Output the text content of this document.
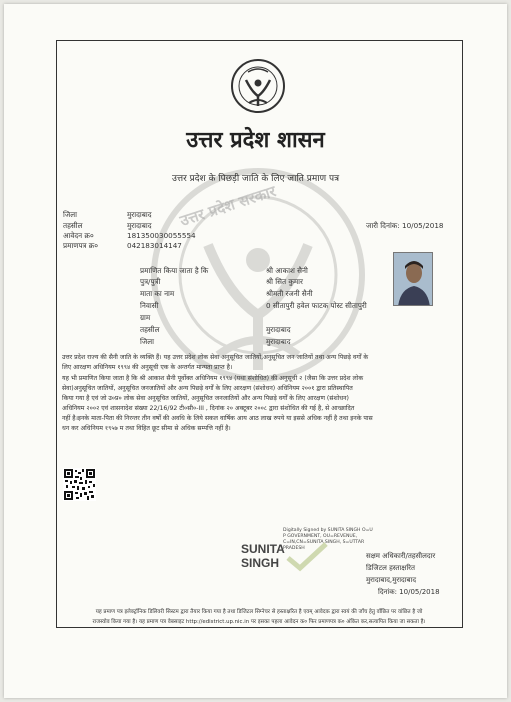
उत्तर प्रदेश सरकार
उत्तर प्रदेश शासन
उत्तर प्रदेश के पिछड़ी जाति के लिए जाति प्रमाण पत्र
जिला	मुरादाबाद
तहसील	मुरादाबाद
आवेदन क्र०	181350030055554
प्रमाणपत्र क्र०	042183014147
जारी दिनांक: 10/05/2018
प्रमाणित किया जाता है कि	श्री आकाश सैनी
पुत्र/पुत्री	श्री सित कुमार
माता का नाम	श्रीमती रजनी सैनी
निवासी	0 सीतापुरी हवेल फाटक पोस्ट सीतापुरी
ग्राम
तहसील	मुरादाबाद
जिला	मुरादाबाद
उत्तर प्रदेश राज्य की सैनी जाति के व्यक्ति हैं। यह उत्तर प्रदेश लोक सेवा अनुसूचित जातियों,अनुसूचित जन जातियों तथा अन्य पिछड़े वर्गों के
लिए आरक्षण अधिनियम १९९४ की अनुसूची एक के अन्तर्गत मान्यता प्राप्त है।
यह भी प्रमाणित किया जाता है कि श्री आकाश सैनी पूर्वोक्त अधिनियम १९९४ (यथा संशोधित) की अनुसूची २ (जैसा कि उत्तर प्रदेश लोक
सेवा)अनुसूचित जातियों, अनुसूचित जनजातियों और अन्य पिछड़े वर्गों के लिए आरक्षण (संशोधन) अधिनियम २००१ द्वारा प्रतिस्थापित
किया गया है एवं जो उ०प्र० लोक सेवा अनुसूचित जातियों, अनुसूचित जनजातियों और अन्य पिछड़े वर्गों के लिए आरक्षण (संशोधन)
अधिनियम २००२ एवं शासनादेश संख्या 22/16/92 टी०सी०-III , दिनांक २० अक्टूबर २००८ द्वारा संशोधित की गई है, से आच्छादित
नहीं है।इनके माता-पिता की निरन्तर तीन वर्षों की अवधि के लिये सकल वार्षिक आय आठ लाख रुपये या इससे अधिक नहीं है तथा इनके पास
धन कर अधिनियम १९५७ म तथा विहित छूट सीमा से अधिक सम्पत्ति नहीं है।
SUNITA
SINGH
Digitally Signed by SUNITA SINGH O=U P GOVERNMENT, OU=REVENUE, C=IN,CN=SUNITA SINGH, S=UTTAR PRADESH
सक्षम अधिकारी/तहसीलदार
डिजिटल हस्ताक्षरित
मुरादाबाद,मुरादाबाद
दिनांक: 10/05/2018
यह प्रमाण पत्र इलेक्ट्रॉनिक डिलिवरी सिस्टम द्वारा तैयार किया गया है तथा डिजिटल सिग्नेचर से हस्ताक्षरित है एवम् आवेदक द्वारा स्वयं की जाँच हेतु वाँछित पर वांछित है जो
राजस्वोव किया गया है। यह प्रमाण पत्र वेबसाइट http://edistrict.up.nic.in पर इसका पहला आवेदन क० फिर प्रमाणपत्र क० अंकित कर,सत्यापित किया जा सकता है।
